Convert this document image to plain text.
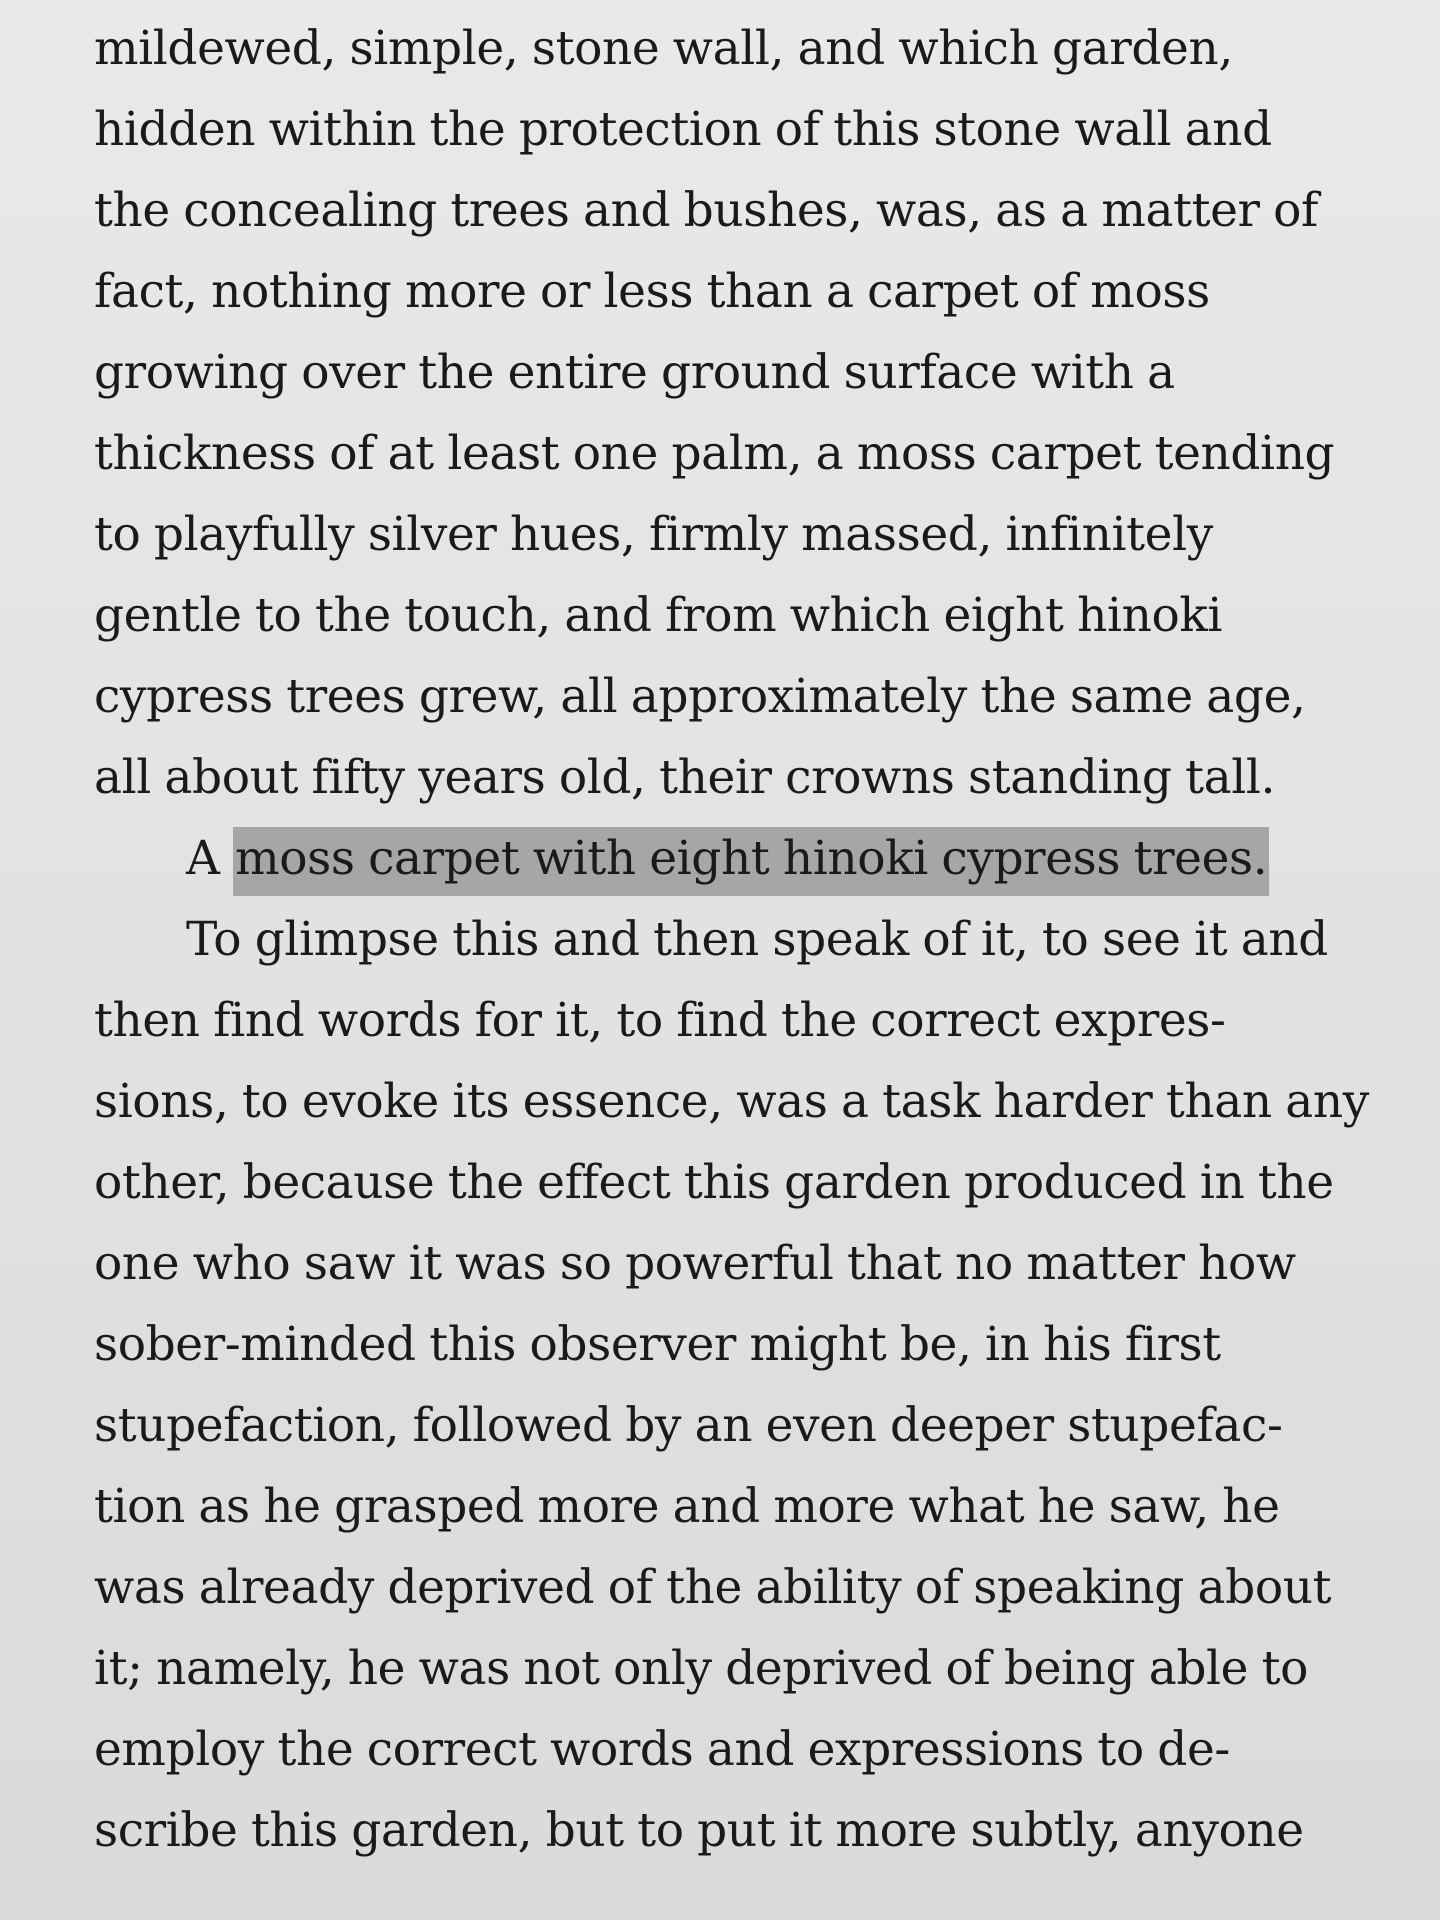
mildewed, simple, stone wall, and which garden,
hidden within the protection of this stone wall and
the concealing trees and bushes, was, as a matter of
fact, nothing more or less than a carpet of moss
growing over the entire ground surface with a
thickness of at least one palm, a moss carpet tending
to playfully silver hues, firmly massed, infinitely
gentle to the touch, and from which eight hinoki
cypress trees grew, all approximately the same age,
all about fifty years old, their crowns standing tall.
A moss carpet with eight hinoki cypress trees.
To glimpse this and then speak of it, to see it and
then find words for it, to find the correct expres-
sions, to evoke its essence, was a task harder than any
other, because the effect this garden produced in the
one who saw it was so powerful that no matter how
sober-minded this observer might be, in his first
stupefaction, followed by an even deeper stupefac-
tion as he grasped more and more what he saw, he
was already deprived of the ability of speaking about
it; namely, he was not only deprived of being able to
employ the correct words and expressions to de-
scribe this garden, but to put it more subtly, anyone
